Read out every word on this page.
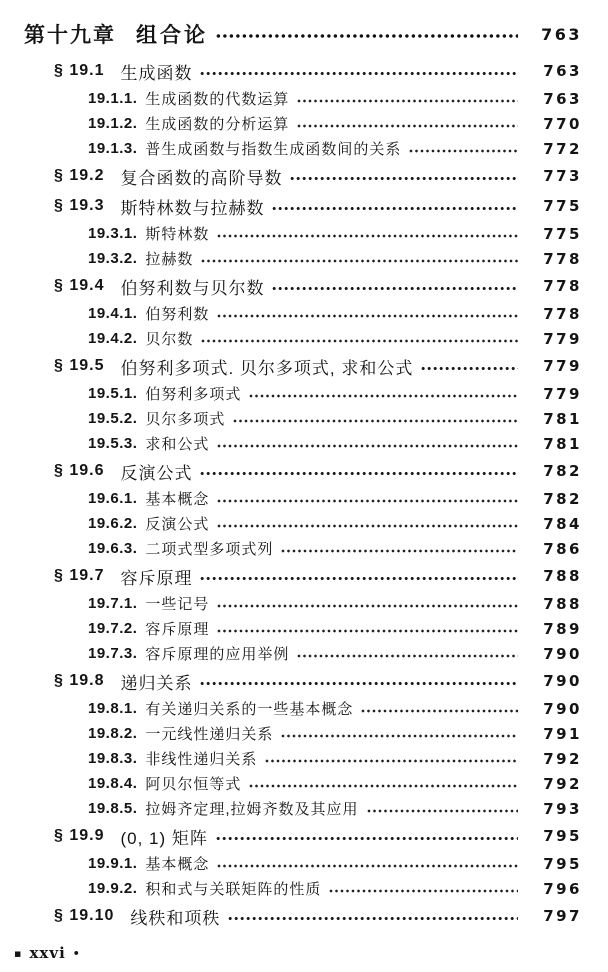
第十九章 组合论	763
§ 19.1 生成函数	763
19.1.1. 生成函数的代数运算	763
19.1.2. 生成函数的分析运算	770
19.1.3. 普生成函数与指数生成函数间的关系	772
§ 19.2 复合函数的高阶导数	773
§ 19.3 斯特林数与拉赫数	775
19.3.1. 斯特林数	775
19.3.2. 拉赫数	778
§ 19.4 伯努利数与贝尔数	778
19.4.1. 伯努利数	778
19.4.2. 贝尔数	779
§ 19.5 伯努利多项式. 贝尔多项式, 求和公式	779
19.5.1. 伯努利多项式	779
19.5.2. 贝尔多项式	781
19.5.3. 求和公式	781
§ 19.6 反演公式	782
19.6.1. 基本概念	782
19.6.2. 反演公式	784
19.6.3. 二项式型多项式列	786
§ 19.7 容斥原理	788
19.7.1. 一些记号	788
19.7.2. 容斥原理	789
19.7.3. 容斥原理的应用举例	790
§ 19.8 递归关系	790
19.8.1. 有关递归关系的一些基本概念	790
19.8.2. 一元线性递归关系	791
19.8.3. 非线性递归关系	792
19.8.4. 阿贝尔恒等式	792
19.8.5. 拉姆齐定理,拉姆齐数及其应用	793
§ 19.9 (0, 1) 矩阵	795
19.9.1. 基本概念	795
19.9.2. 积和式与关联矩阵的性质	796
§ 19.10 线秩和项秩	797
▪ xxvi •
